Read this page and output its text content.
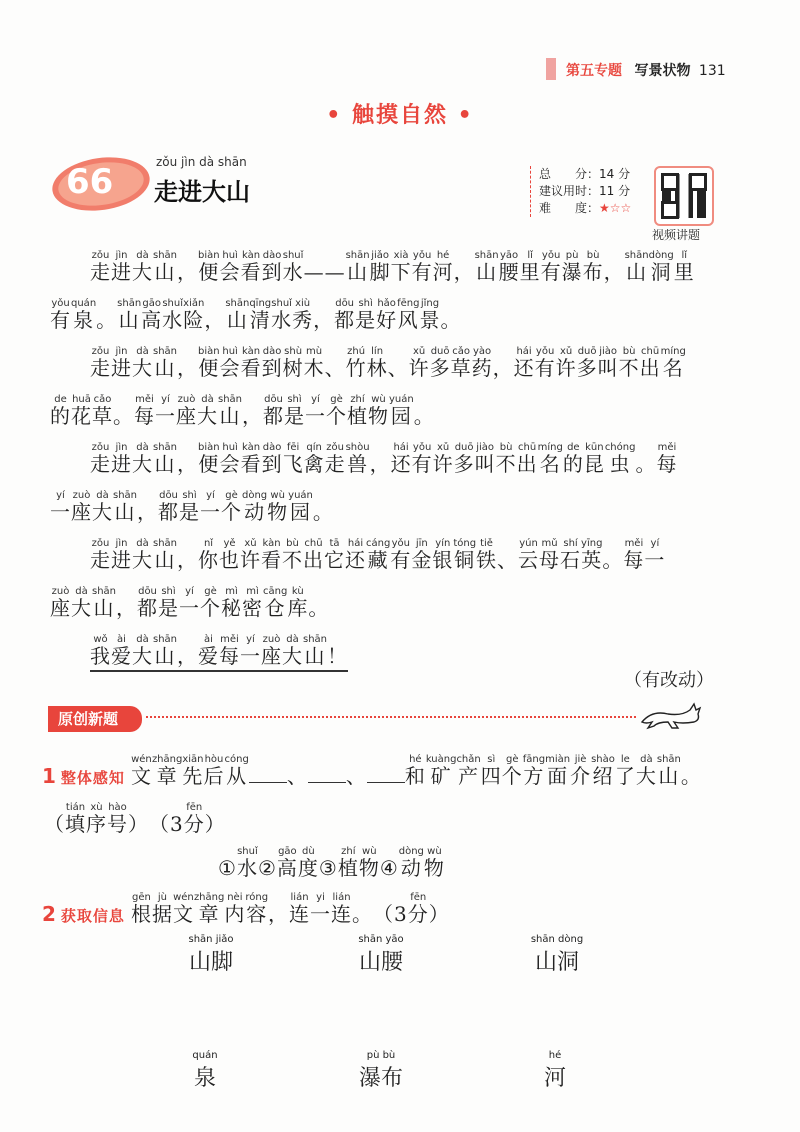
第五专题 写景状物 131
• 触摸自然 •
66	zǒu jìn dà shān
走进大山
总　　分：14 分
建议用时：11 分
难　　度：★☆☆
视频讲题
走zǒu进jìn大dà山shān， 便biàn会huì看kàn到dào水shuǐ—— 山shān脚jiǎo下xià有yǒu河hé， 山shān腰yāo里lǐ有yǒu瀑pù布bù， 山shān洞dòng里lǐ
有yǒu泉quán。 山shān高gāo水shuǐ险xiǎn， 山shān清qīng水shuǐ秀xiù， 都dōu是shì好hǎo风fēng景jǐng。
走zǒu进jìn大dà山shān， 便biàn会huì看kàn到dào树shù木mù、 竹zhú林lín、 许xǔ多duō草cǎo药yào， 还hái有yǒu许xǔ多duō叫jiào不bù出chū名míng
的de花huā草cǎo。 每měi一yí座zuò大dà山shān， 都dōu是shì一yí个gè植zhí物wù园yuán。
走zǒu进jìn大dà山shān， 便biàn会huì看kàn到dào飞fēi禽qín走zǒu兽shòu， 还hái有yǒu许xǔ多duō叫jiào不bù出chū名míng的de昆kūn虫chóng。 每měi
一yí座zuò大dà山shān， 都dōu是shì一yí个gè动dòng物wù园yuán。
走zǒu进jìn大dà山shān， 你nǐ也yě许xǔ看kàn不bù出chū它tā还hái藏cáng有yǒu金jīn银yín铜tóng铁tiě、 云yún母mǔ石shí英yīng。 每měi一yí
座zuò大dà山shān， 都dōu是shì一yí个gè秘mì密mì仓cāng库kù。
我wǒ爱ài大dà山shān， 爱ài每měi一yí座zuò大dà山shān！
（有改动）
原创新题
1 整体感知 文wén章zhāng先xiān后hòu从cóng、 、 和hé矿kuàng产chǎn四sì个gè方fāng面miàn介jiè绍shào了le大dà山shān。
（ 填tián序xù号hào） （3 分fēn）
① 水shuǐ② 高gāo度dù③ 植zhí物wù④ 动dòng物wù
2 获取信息 根gēn据jù文wén章zhāng内nèi容róng， 连lián一yi连lián。 （3 分fēn）
shān jiǎo
山脚
shān yāo
山腰
shān dòng
山洞
quán
泉
pù bù
瀑布
hé
河
